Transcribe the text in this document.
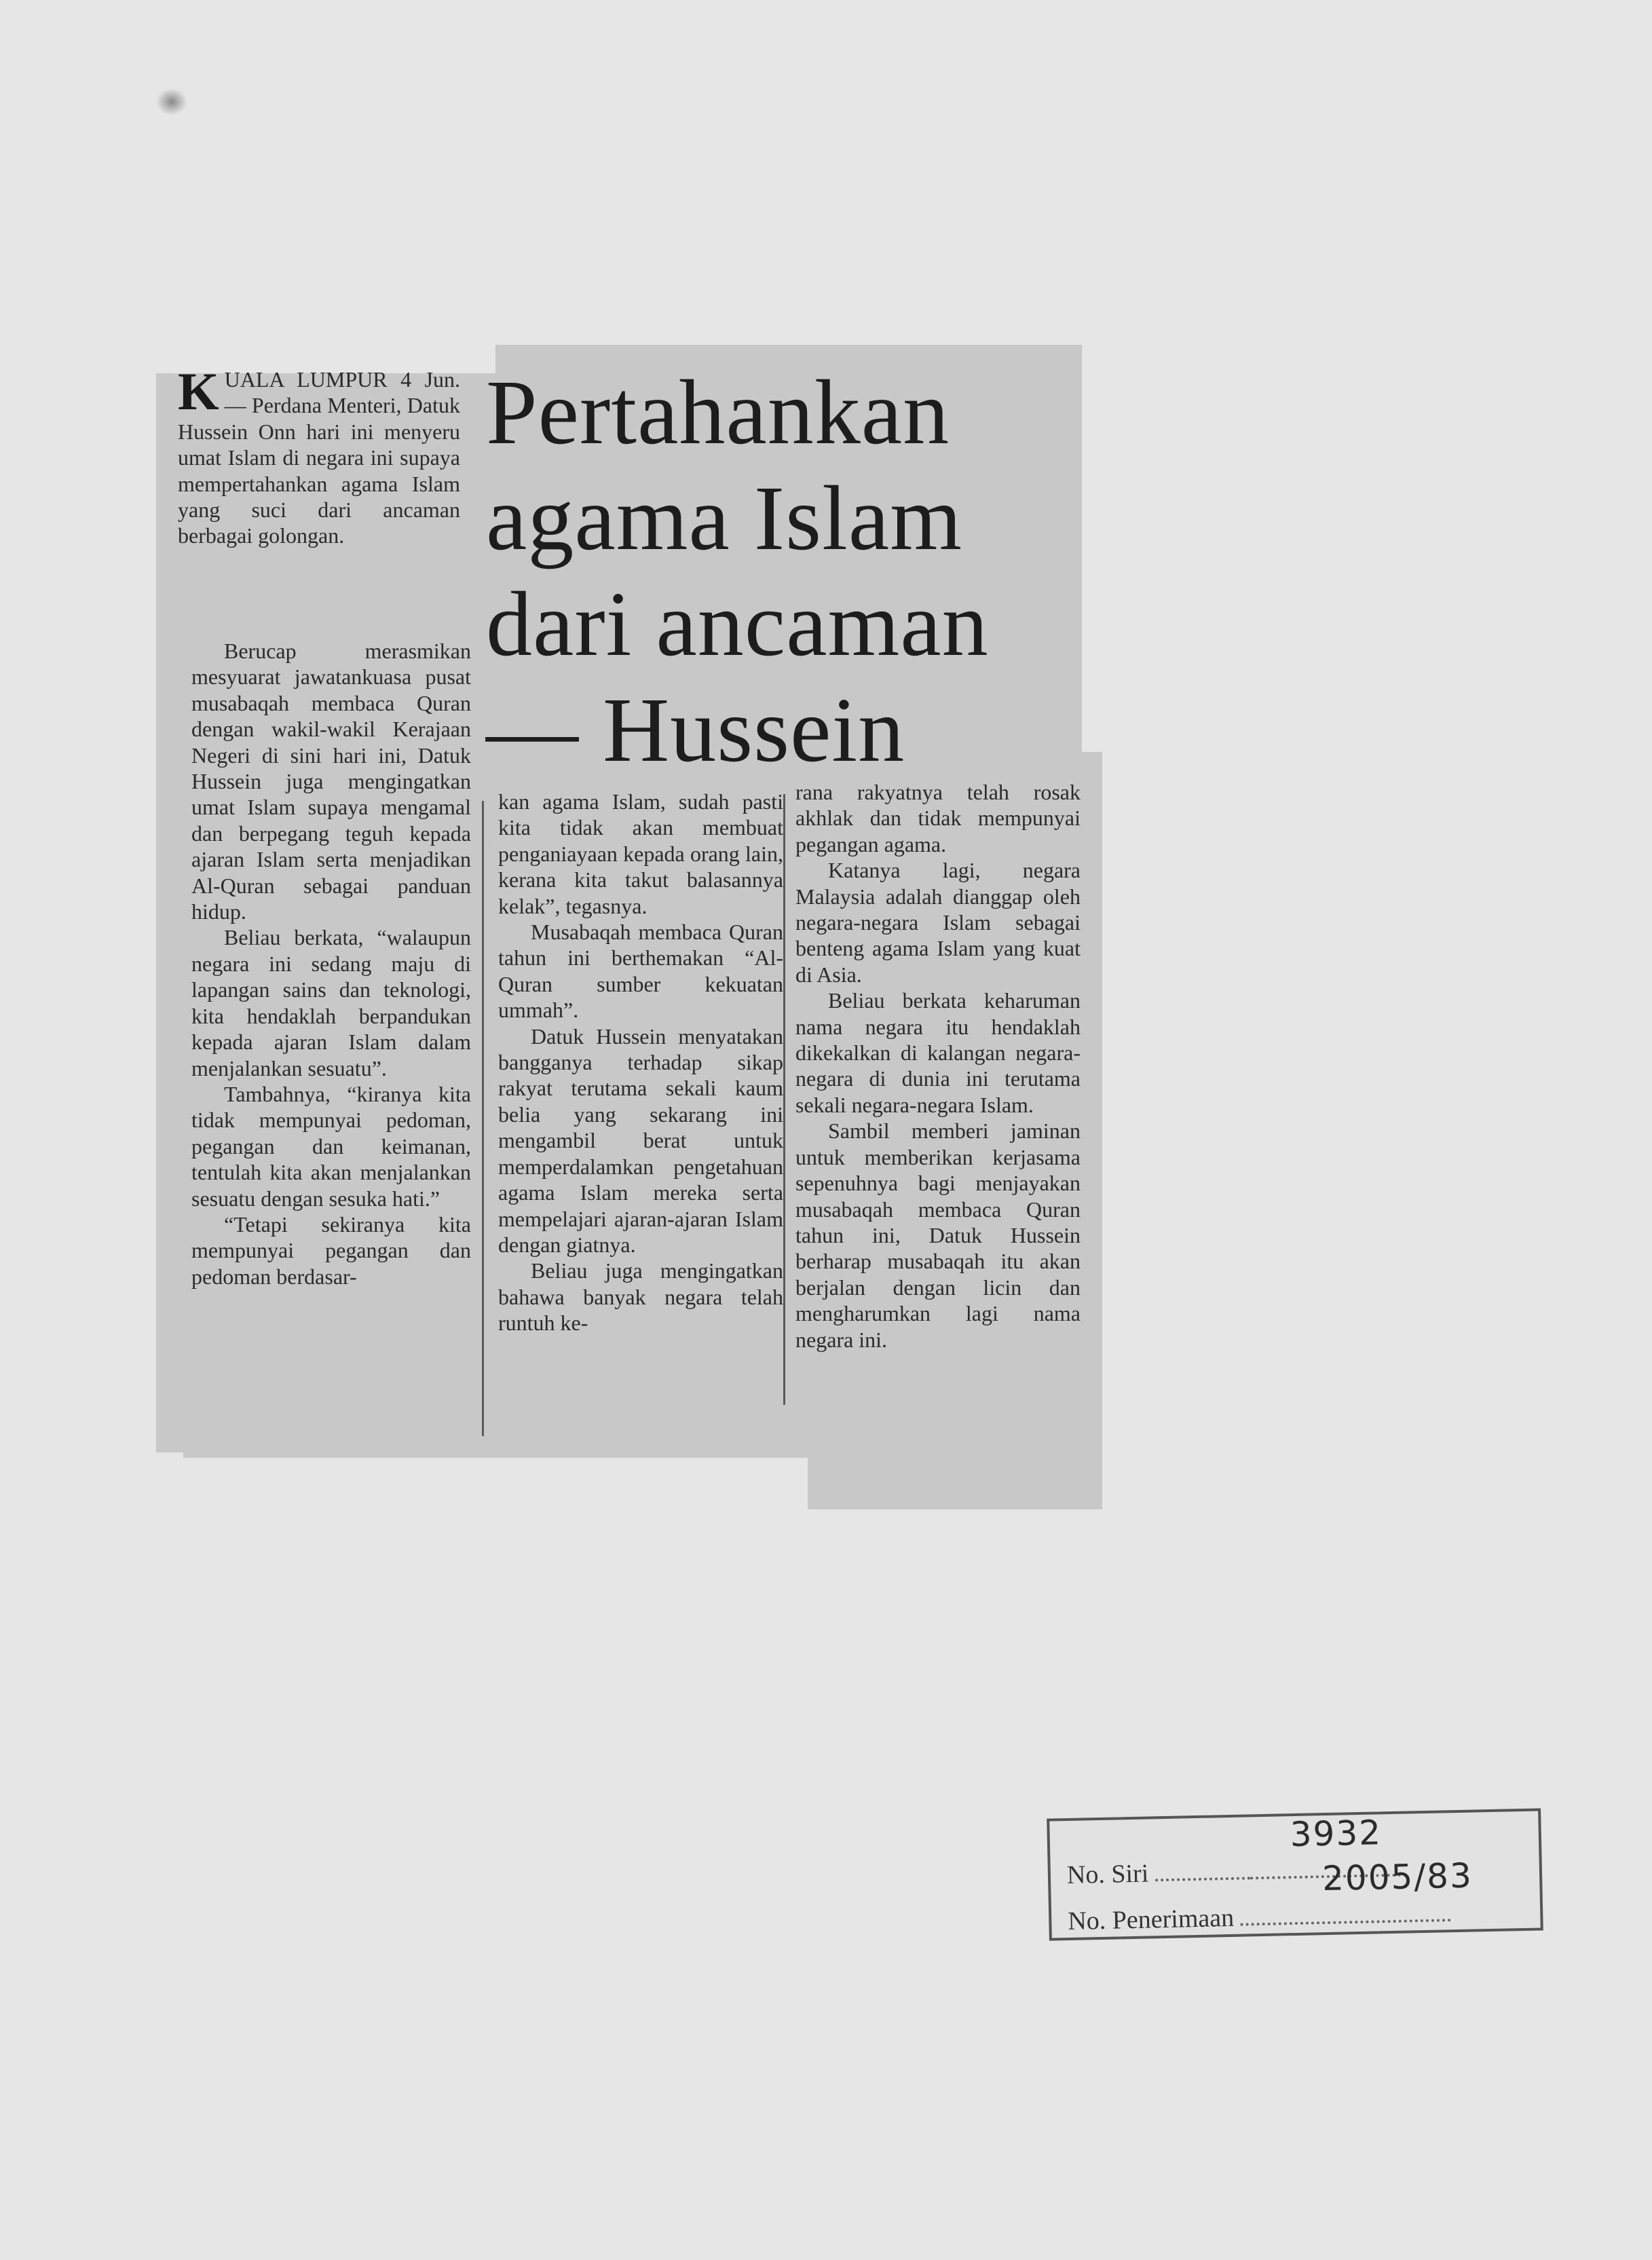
Pertahankan
agama Islam
dari ancaman
— Hussein

KUALA LUMPUR 4 Jun. — Perdana Menteri, Datuk Hussein Onn hari ini menyeru umat Islam di negara ini supaya mempertahankan agama Islam yang suci dari ancaman berbagai golongan.

Berucap merasmikan mesyuarat jawatankuasa pusat musabaqah membaca Quran dengan wakil-wakil Kerajaan Negeri di sini hari ini, Datuk Hussein juga mengingatkan umat Islam supaya mengamal dan berpegang teguh kepada ajaran Islam serta menjadikan Al-Quran sebagai panduan hidup.

Beliau berkata, “walaupun negara ini sedang maju di lapangan sains dan teknologi, kita hendaklah berpandukan kepada ajaran Islam dalam menjalankan sesuatu”.

Tambahnya, “kiranya kita tidak mempunyai pedoman, pegangan dan keimanan, tentulah kita akan menjalankan sesuatu dengan sesuka hati.”

“Tetapi sekiranya kita mempunyai pegangan dan pedoman berdasar-

kan agama Islam, sudah pasti kita tidak akan membuat penganiayaan kepada orang lain, kerana kita takut balasannya kelak”, tegasnya.

Musabaqah membaca Quran tahun ini berthemakan “Al-Quran sumber kekuatan ummah”.

Datuk Hussein menyatakan bangganya terhadap sikap rakyat terutama sekali kaum belia yang sekarang ini mengambil berat untuk memperdalamkan pengetahuan agama Islam mereka serta mempelajari ajaran-ajaran Islam dengan giatnya.

Beliau juga mengingatkan bahawa banyak negara telah runtuh ke-

rana rakyatnya telah rosak akhlak dan tidak mempunyai pegangan agama.

Katanya lagi, negara Malaysia adalah dianggap oleh negara-negara Islam sebagai benteng agama Islam yang kuat di Asia.

Beliau berkata keharuman nama negara itu hendaklah dikekalkan di kalangan negara-negara di dunia ini terutama sekali negara-negara Islam.

Sambil memberi jaminan untuk memberikan kerjasama sepenuhnya bagi menjayakan musabaqah membaca Quran tahun ini, Datuk Hussein berharap musabaqah itu akan berjalan dengan licin dan mengharumkan lagi nama negara ini.

No. Siri
No. Penerimaan
3932
2005/83
